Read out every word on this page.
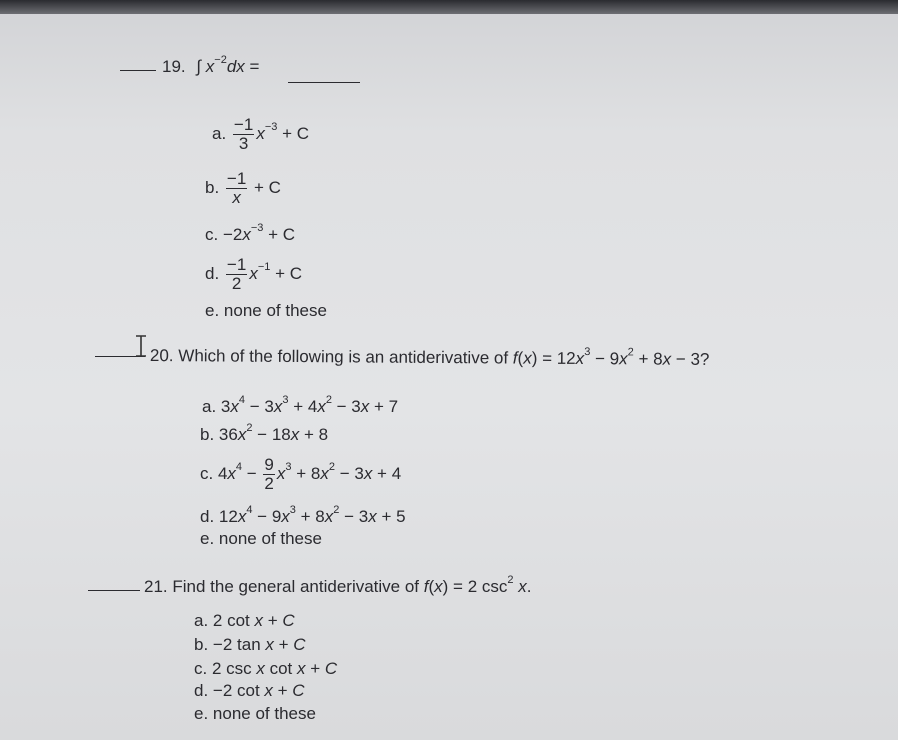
19. ∫ $x^{-2}dx$ =
a. $\frac{-1}{3} x^{-3} + C$
b. $\frac{-1}{x} + C$
c. $-2x^{-3} + C$
d. $\frac{-1}{2} x^{-1} + C$
e. none of these
20. Which of the following is an antiderivative of $f(x) = 12x^3 - 9x^2 + 8x - 3$?
a. $3x^4 - 3x^3 + 4x^2 - 3x + 7$
b. $36x^2 - 18x + 8$
c. $4x^4 - \frac{9}{2} x^3 + 8x^2 - 3x + 4$
d. $12x^4 - 9x^3 + 8x^2 - 3x + 5$
e. none of these
21. Find the general antiderivative of f(x) = 2 $\csc^2 x$.
a. 2 cot x + C
b. −2 tan x + C
c. 2 csc x cot x + C
d. −2 cot x + C
e. none of these
